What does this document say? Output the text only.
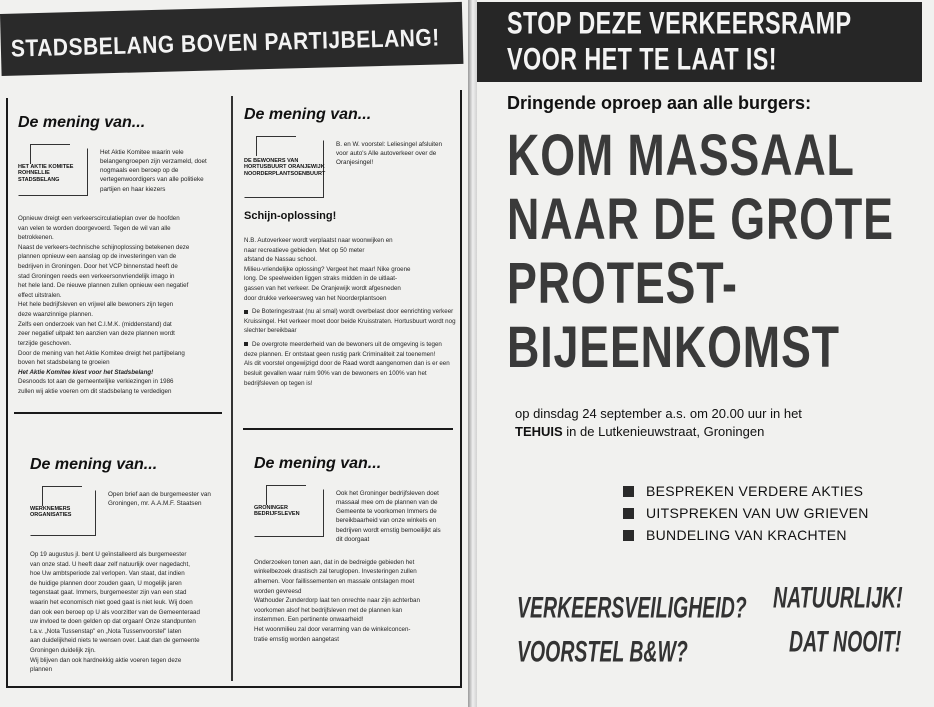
STADSBELANG BOVEN PARTIJBELANG!
De mening van...
HET AKTIE KOMITEE ROHNELLIE STADSBELANG
Het Aktie Komitee waarin vele belangengroepen zijn verzameld, doet nogmaals een beroep op de vertegenwoordigers van alle politieke partijen en haar kiezers

Opnieuw dreigt een verkeerscirculatieplan over de hoofden

van velen te worden doorgevoerd. Tegen de wil van alle

betrokkenen.

Naast de verkeers-technische schijnoplossing betekenen deze

plannen opnieuw een aanslag op de investeringen van de

bedrijven in Groningen. Door het VCP binnenstad heeft de

stad Groningen reeds een verkeersonvriendelijk imago in

het hele land. De nieuwe plannen zullen opnieuw een negatief

effect uitstralen.

Het hele bedrijfsleven en vrijwel alle bewoners zijn tegen

deze waanzinnige plannen.

Zelfs een onderzoek van het C.I.M.K. (middenstand) dat

zeer negatief uitpakt ten aanzien van deze plannen wordt

terzijde geschoven.

Door de mening van het Aktie Komitee dreigt het partijbelang

boven het stadsbelang te groeien

Het Aktie Komitee kiest voor het Stadsbelang!

Desnoods tot aan de gemeentelijke verkiezingen in 1986

zullen wij aktie voeren om dit stadsbelang te verdedigen

De mening van...
DE BEWONERS VAN HORTUSBUURT ORANJEWIJK NOORDERPLANTSOENBUURT
B. en W. voorstel: Leliesingel afsluiten voor auto's Alle autoverkeer over de Oranjesingel!
Schijn-oplossing!

N.B. Autoverkeer wordt verplaatst naar woonwijken en

naar recreatieve gebieden. Met op 50 meter

afstand de Nassau school.

Milieu-vriendelijke oplossing? Vergeet het maar! Nike groene

long. De speelweiden liggen straks midden in de uitlaat-

gassen van het verkeer. De Oranjewijk wordt afgesneden

door drukke verkeersweg van het Noorderplantsoen

De Boteringestraat (nu al smal) wordt overbelast door eenrichting verkeer Kruissingel. Het verkeer moet door beide Kruisstraten. Hortusbuurt wordt nog slechter bereikbaar

De overgrote meerderheid van de bewoners uit de omgeving is tegen deze plannen. Er ontstaat geen rustig park Criminaliteit zal toenemen!

Als dit voorstel ongewijzigd door de Raad wordt aangenomen dan is er een besluit gevallen waar ruim 90% van de bewoners en 100% van het bedrijfsleven op tegen is!

De mening van...
WERKNEMERS ORGANISATIES
Open brief aan de burgemeester van Groningen, mr. A.A.M.F. Staatsen

Op 19 augustus jl. bent U geïnstalleerd als burgemeester

van onze stad. U heeft daar zelf natuurlijk over nagedacht,

hoe Uw ambtsperiode zal verlopen. Van staat, dat indien

de huidige plannen door zouden gaan, U mogelijk jaren

tegenstaat gaat. Immers, burgemeester zijn van een stad

waarin het economisch niet goed gaat is niet leuk. Wij doen

dan ook een beroep op U als voorzitter van de Gemeenteraad

uw invloed te doen gelden op dat orgaan! Onze standpunten

t.a.v. „Nota Tussenstap" en „Nota Tussenvoorstel" laten

aan duidelijkheid niets te wensen over. Laat dan de gemeente

Groningen duidelijk zijn.

Wij blijven dan ook hardnekkig aktie voeren tegen deze

plannen

De mening van...
GRONINGER BEDRIJFSLEVEN
Ook het Groninger bedrijfsleven doet massaal mee om de plannen van de Gemeente te voorkomen Immers de bereikbaarheid van onze winkels en bedrijven wordt ernstig bemoeilijkt als dit doorgaat

Onderzoeken tonen aan, dat in de bedreigde gebieden het

winkelbezoek drastisch zal teruglopen. Investeringen zullen

afnemen. Voor faillissementen en massale ontslagen moet

worden gevreesd

Wathouder Zunderdorp laat ten onrechte naar zijn achterban

voorkomen alsof het bedrijfsleven met de plannen kan

instemmen. Een pertinente onwaarheid!

Het woonmilieu zal door verarming van de winkelconcen-

tratie ernstig worden aangetast

STOP DEZE VERKEERSRAMP
VOOR HET TE LAAT IS!
Dringende oproep aan alle burgers:
KOM MASSAAL
NAAR DE GROTE
PROTEST-
BIJEENKOMST
op dinsdag 24 september a.s. om 20.00 uur in het
TEHUIS in de Lutkenieuwstraat, Groningen
BESPREKEN VERDERE AKTIES
UITSPREKEN VAN UW GRIEVEN
BUNDELING VAN KRACHTEN
VERKEERSVEILIGHEID? NATUURLIJK!
VOORSTEL B&W?	DAT NOOIT!
